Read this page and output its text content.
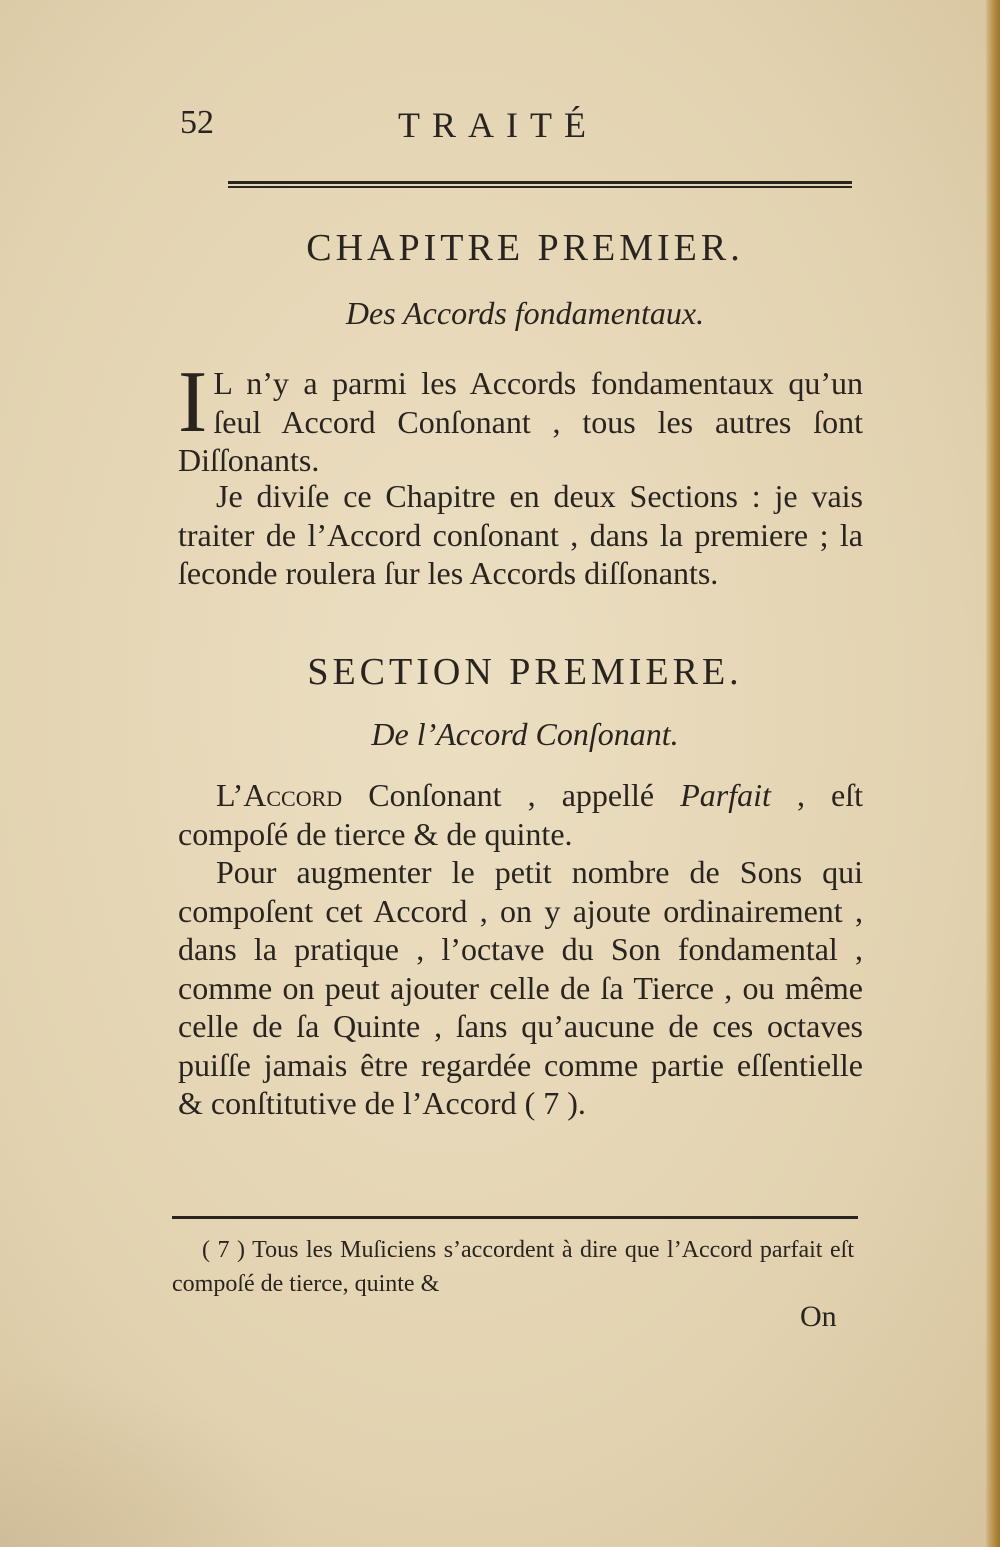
52	TRAITÉ
CHAPITRE PREMIER.
Des Accords fondamentaux.
I L n’y a parmi les Accords fondamentaux qu’un ſeul Accord Conſonant , tous les autres ſont Diſſonants.
Je diviſe ce Chapitre en deux Sections : je vais traiter de l’Accord conſonant , dans la premiere ; la ſeconde roulera ſur les Accords diſſonants.
SECTION PREMIERE.
De l’Accord Conſonant.
L’Accord Conſonant , appellé Parfait , eſt compoſé de tierce & de quinte.
Pour augmenter le petit nombre de Sons qui compoſent cet Accord , on y ajoute ordinairement , dans la pratique , l’octave du Son fondamental , comme on peut ajouter celle de ſa Tierce , ou même celle de ſa Quinte , ſans qu’aucune de ces octaves puiſſe jamais être regardée comme partie eſſentielle & conſtitutive de l’Accord ( 7 ).
( 7 ) Tous les Muſiciens s’accordent à dire que l’Accord parfait eſt compoſé de tierce, quinte &
On
